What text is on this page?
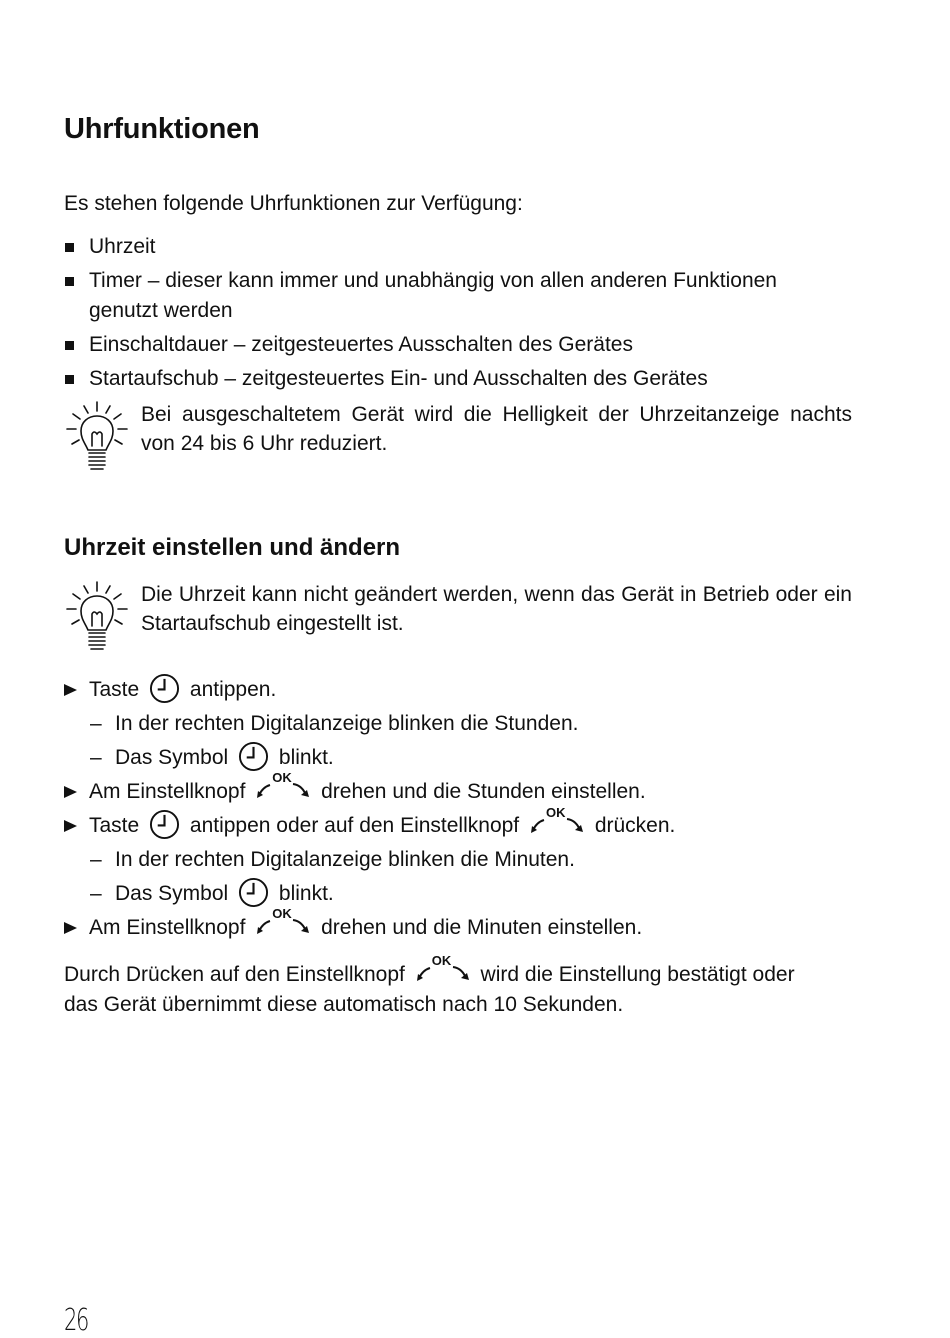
Uhrfunktionen
Es stehen folgende Uhrfunktionen zur Verfügung:
Uhrzeit
Timer – dieser kann immer und unabhängig von allen anderen Funktionen
genutzt werden
Einschaltdauer – zeitgesteuertes Ausschalten des Gerätes
Startaufschub – zeitgesteuertes Ein- und Ausschalten des Gerätes
Bei ausgeschaltetem Gerät wird die Helligkeit der Uhrzeitanzeige nachts von 24 bis 6 Uhr reduziert.
Uhrzeit einstellen und ändern
Die Uhrzeit kann nicht geändert werden, wenn das Gerät in Betrieb oder ein Startaufschub eingestellt ist.
Taste antippen.
– In der rechten Digitalanzeige blinken die Stunden.
– Das Symbol blinkt.
Am Einstellknopf
OK
drehen und die Stunden einstellen.
Taste antippen oder auf den Einstellknopf
OK
drücken.
– In der rechten Digitalanzeige blinken die Minuten.
– Das Symbol blinkt.
Am Einstellknopf
OK
drehen und die Minuten einstellen.
Durch Drücken auf den Einstellknopf
OK
wird die Einstellung bestätigt oder
das Gerät übernimmt diese automatisch nach 10 Sekunden.
26
